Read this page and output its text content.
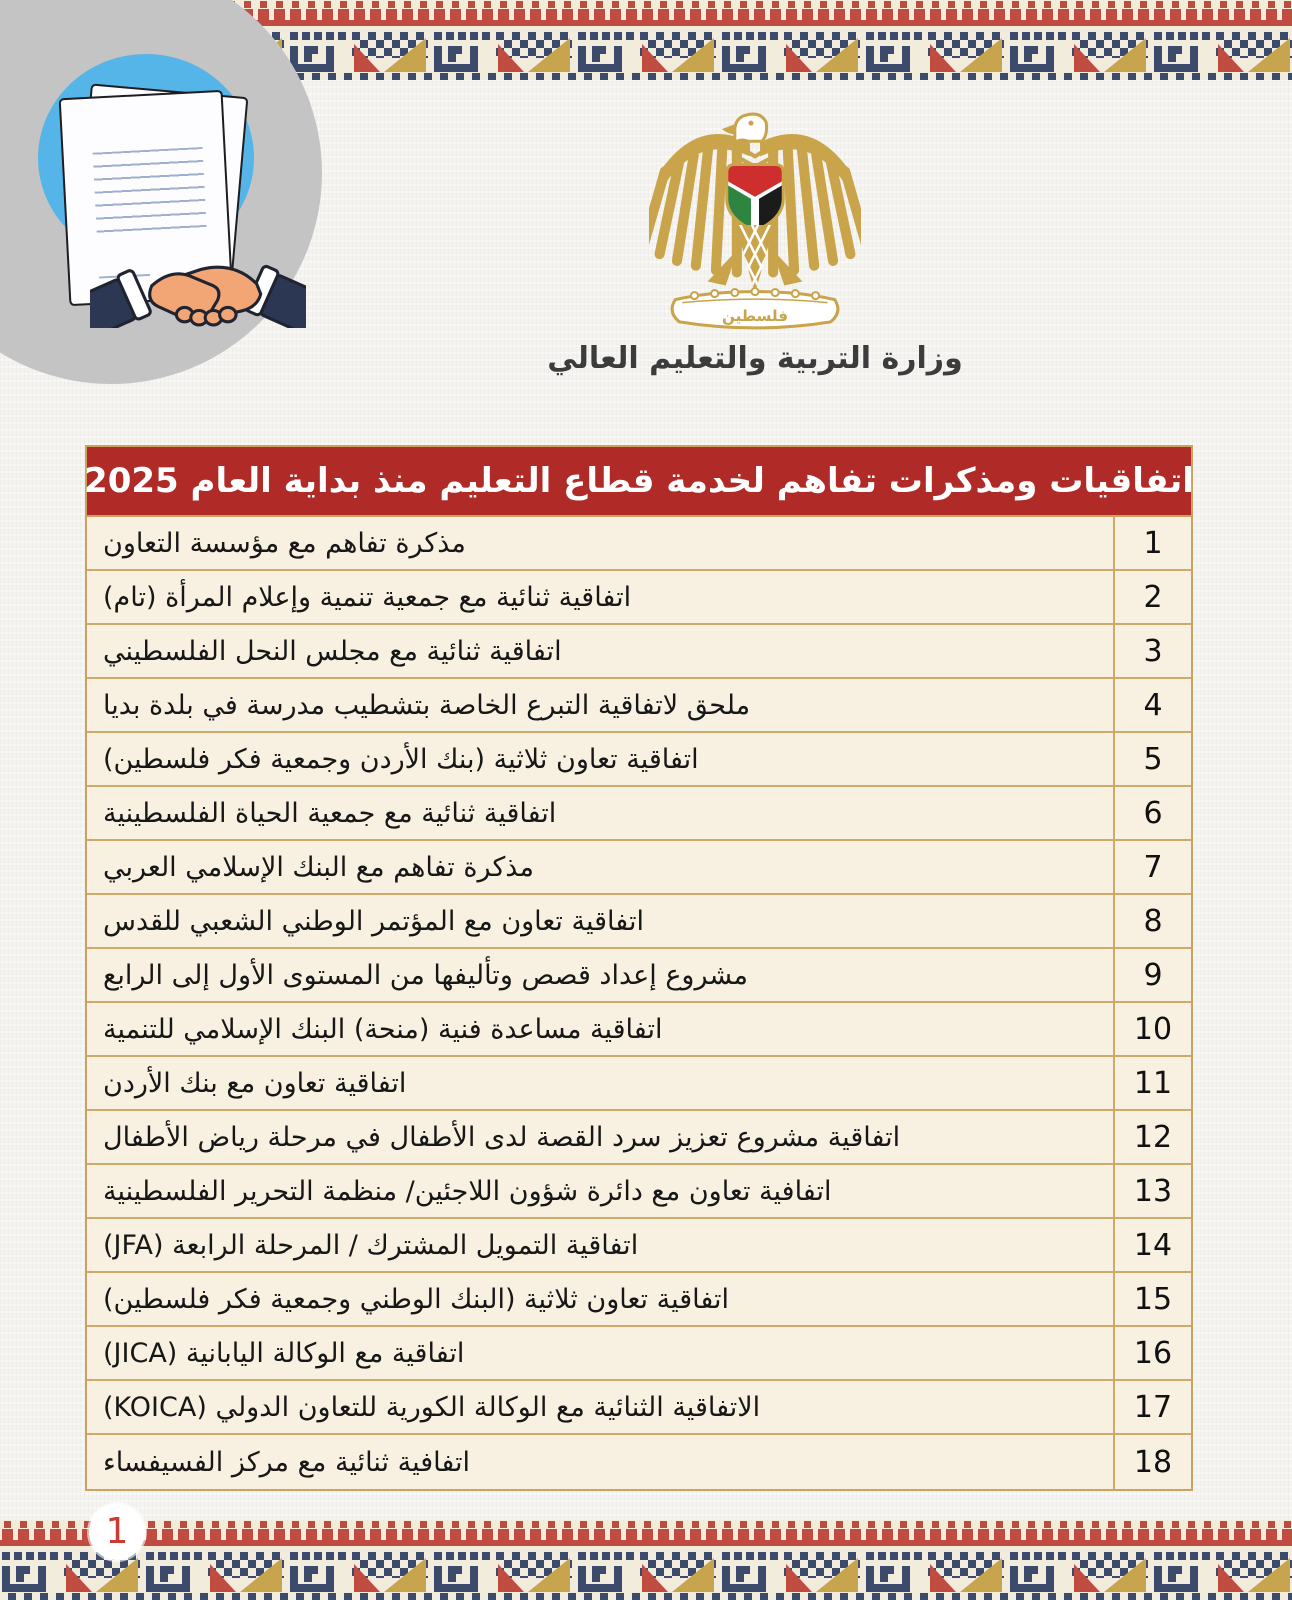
فلسطين
وزارة التربية والتعليم العالي
اتفاقيات ومذكرات تفاهم لخدمة قطاع التعليم منذ بداية العام 2025
مذكرة تفاهم مع مؤسسة التعاون	1
اتفاقية ثنائية مع جمعية تنمية وإعلام المرأة (تام)	2
اتفاقية ثنائية مع مجلس النحل الفلسطيني	3
ملحق لاتفاقية التبرع الخاصة بتشطيب مدرسة في بلدة بديا	4
اتفاقية تعاون ثلاثية (بنك الأردن وجمعية فكر فلسطين)	5
اتفاقية ثنائية مع جمعية الحياة الفلسطينية	6
مذكرة تفاهم مع البنك الإسلامي العربي	7
اتفاقية تعاون مع المؤتمر الوطني الشعبي للقدس	8
مشروع إعداد قصص وتأليفها من المستوى الأول إلى الرابع	9
اتفاقية مساعدة فنية (منحة) البنك الإسلامي للتنمية	10
اتفاقية تعاون مع بنك الأردن	11
اتفاقية مشروع تعزيز سرد القصة لدى الأطفال في مرحلة رياض الأطفال	12
اتفافية تعاون مع دائرة شؤون اللاجئين/ منظمة التحرير الفلسطينية	13
اتفاقية التمويل المشترك / المرحلة الرابعة (JFA)	14
اتفاقية تعاون ثلاثية (البنك الوطني وجمعية فكر فلسطين)	15
اتفاقية مع الوكالة اليابانية (JICA)	16
الاتفاقية الثنائية مع الوكالة الكورية للتعاون الدولي (KOICA)	17
اتفافية ثنائية مع مركز الفسيفساء	18
1
